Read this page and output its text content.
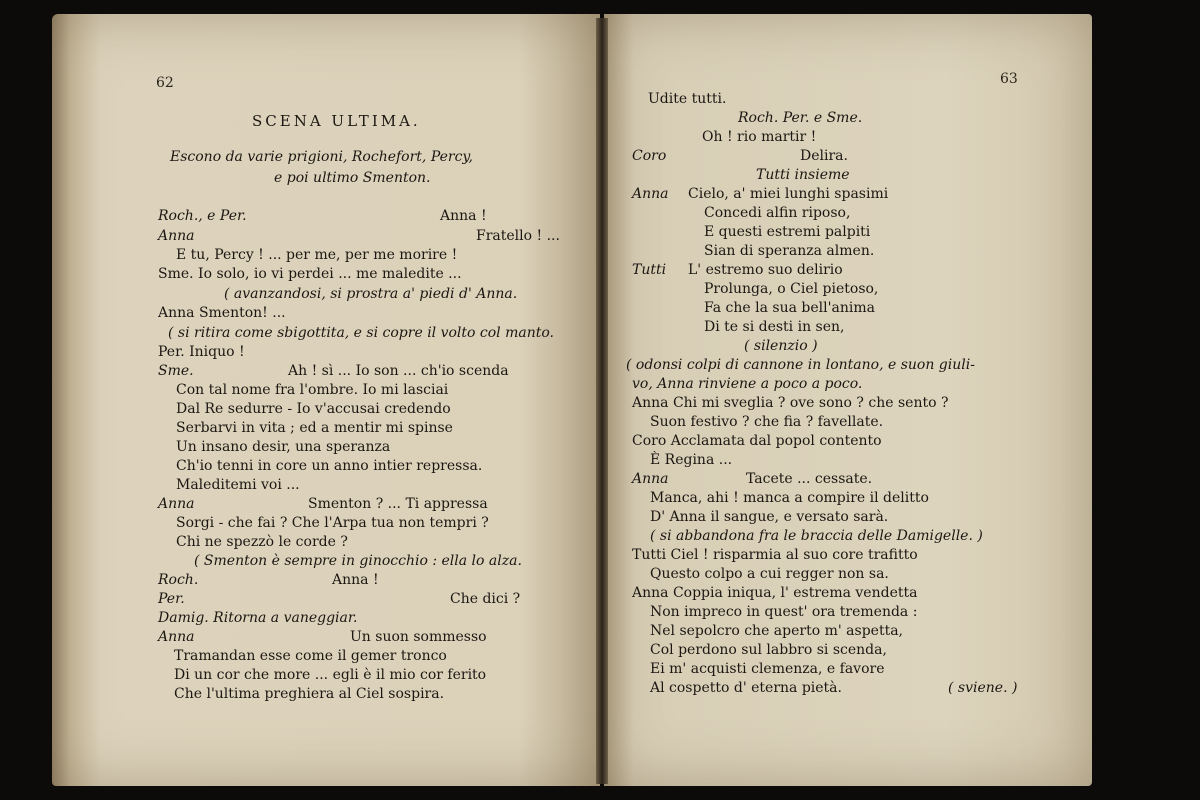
62
SCENA ULTIMA.
Escono da varie prigioni, Rochefort, Percy,
e poi ultimo Smenton.
Roch., e Per.	Anna !
Anna	Fratello ! ...
E tu, Percy ! ... per me, per me morire !
Sme. Io solo, io vi perdei ... me maledite ...
( avanzandosi, si prostra a' piedi d' Anna.
Anna Smenton! ...
( si ritira come sbigottita, e si copre il volto col manto.
Per. Iniquo !
Sme.	Ah ! sì ... Io son ... ch'io scenda
Con tal nome fra l'ombre. Io mi lasciai
Dal Re sedurre - Io v'accusai credendo
Serbarvi in vita ; ed a mentir mi spinse
Un insano desir, una speranza
Ch'io tenni in core un anno intier repressa.
Maleditemi voi ...
Anna	Smenton ? ... Ti appressa
Sorgi - che fai ? Che l'Arpa tua non tempri ?
Chi ne spezzò le corde ?
( Smenton è sempre in ginocchio : ella lo alza.
Roch.	Anna !
Per.	Che dici ?
Damig. Ritorna a vaneggiar.
Anna	Un suon sommesso
Tramandan esse come il gemer tronco
Di un cor che more ... egli è il mio cor ferito
Che l'ultima preghiera al Ciel sospira.
63
Udite tutti.
Roch. Per. e Sme.
Oh ! rio martir !
Coro	Delira.
Tutti insieme
Anna Cielo, a' miei lunghi spasimi
Concedi alfin riposo,
E questi estremi palpiti
Sian di speranza almen.
Tutti L' estremo suo delirio
Prolunga, o Ciel pietoso,
Fa che la sua bell'anima
Di te si desti in sen,
( silenzio )
( odonsi colpi di cannone in lontano, e suon giuli-
vo, Anna rinviene a poco a poco.
Anna Chi mi sveglia ? ove sono ? che sento ?
Suon festivo ? che fia ? favellate.
Coro Acclamata dal popol contento
È Regina ...
Anna	Tacete ... cessate.
Manca, ahi ! manca a compire il delitto
D' Anna il sangue, e versato sarà.
( si abbandona fra le braccia delle Damigelle. )
Tutti Ciel ! risparmia al suo core trafitto
Questo colpo a cui regger non sa.
Anna Coppia iniqua, l' estrema vendetta
Non impreco in quest' ora tremenda :
Nel sepolcro che aperto m' aspetta,
Col perdono sul labbro si scenda,
Ei m' acquisti clemenza, e favore
Al cospetto d' eterna pietà.	( sviene. )
